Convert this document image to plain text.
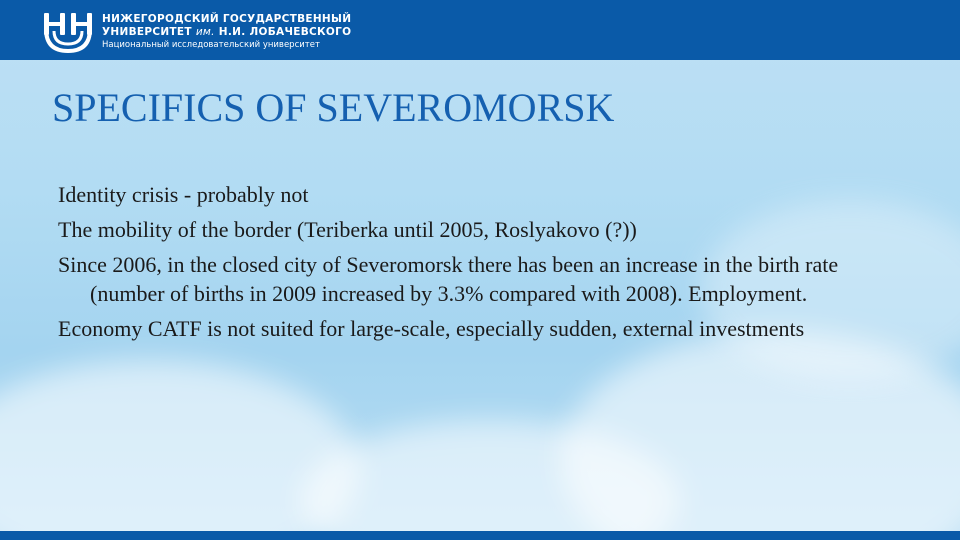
НИЖЕГОРОДСКИЙ ГОСУДАРСТВЕННЫЙ
УНИВЕРСИТЕТ им. Н.И. ЛОБАЧЕВСКОГО
Национальный исследовательский университет
SPECIFICS OF SEVEROMORSK

Identity crisis - probably not

The mobility of the border (Teriberka until 2005, Roslyakovo (?))

Since 2006, in the closed city of Severomorsk there has been an increase in the birth rate (number of births in 2009 increased by 3.3% compared with 2008). Employment.

Economy CATF is not suited for large-scale, especially sudden, external investments
